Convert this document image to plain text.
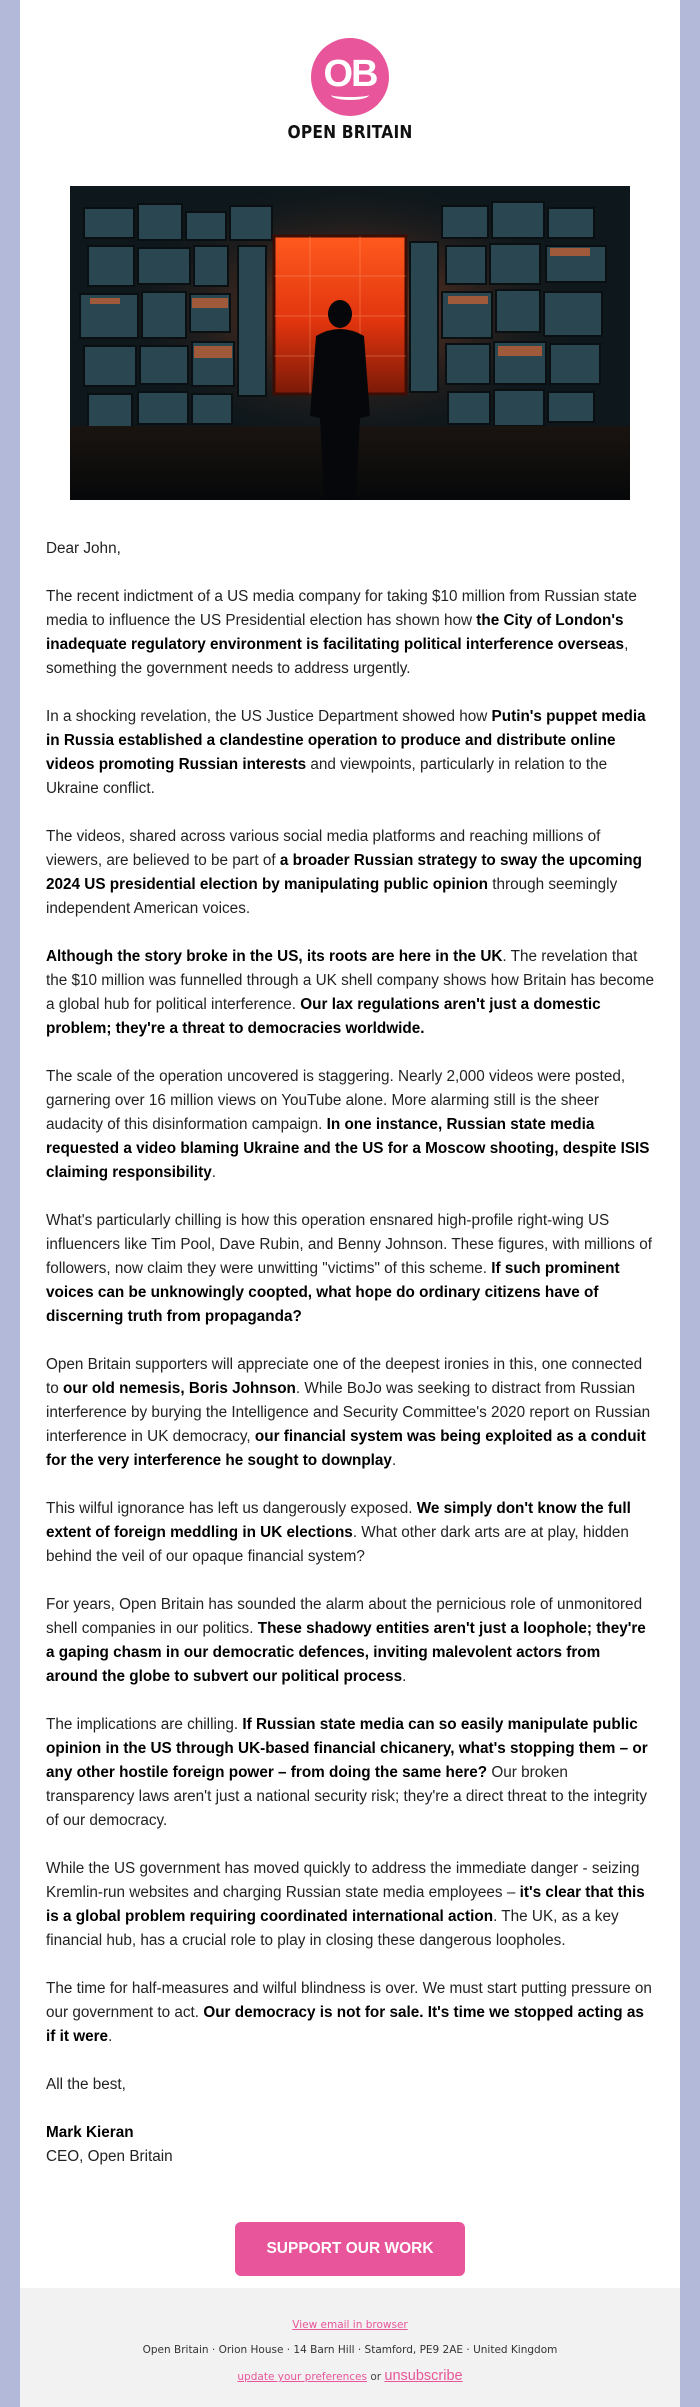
OB
OPEN BRITAIN

Dear John,

The recent indictment of a US media company for taking $10 million from Russian state media to influence the US Presidential election has shown how the City of London's inadequate regulatory environment is facilitating political interference overseas, something the government needs to address urgently.

In a shocking revelation, the US Justice Department showed how Putin's puppet media in Russia established a clandestine operation to produce and distribute online videos promoting Russian interests and viewpoints, particularly in relation to the Ukraine conflict.

The videos, shared across various social media platforms and reaching millions of viewers, are believed to be part of a broader Russian strategy to sway the upcoming 2024 US presidential election by manipulating public opinion through seemingly independent American voices.

Although the story broke in the US, its roots are here in the UK. The revelation that the $10 million was funnelled through a UK shell company shows how Britain has become a global hub for political interference. Our lax regulations aren't just a domestic problem; they're a threat to democracies worldwide.

The scale of the operation uncovered is staggering. Nearly 2,000 videos were posted, garnering over 16 million views on YouTube alone. More alarming still is the sheer audacity of this disinformation campaign. In one instance, Russian state media requested a video blaming Ukraine and the US for a Moscow shooting, despite ISIS claiming responsibility.

What's particularly chilling is how this operation ensnared high-profile right-wing US influencers like Tim Pool, Dave Rubin, and Benny Johnson. These figures, with millions of followers, now claim they were unwitting "victims" of this scheme. If such prominent voices can be unknowingly coopted, what hope do ordinary citizens have of discerning truth from propaganda?

Open Britain supporters will appreciate one of the deepest ironies in this, one connected to our old nemesis, Boris Johnson. While BoJo was seeking to distract from Russian interference by burying the Intelligence and Security Committee's 2020 report on Russian interference in UK democracy, our financial system was being exploited as a conduit for the very interference he sought to downplay.

This wilful ignorance has left us dangerously exposed. We simply don't know the full extent of foreign meddling in UK elections. What other dark arts are at play, hidden behind the veil of our opaque financial system?

For years, Open Britain has sounded the alarm about the pernicious role of unmonitored shell companies in our politics. These shadowy entities aren't just a loophole; they're a gaping chasm in our democratic defences, inviting malevolent actors from around the globe to subvert our political process.

The implications are chilling. If Russian state media can so easily manipulate public opinion in the US through UK-based financial chicanery, what's stopping them – or any other hostile foreign power – from doing the same here? Our broken transparency laws aren't just a national security risk; they're a direct threat to the integrity of our democracy.

While the US government has moved quickly to address the immediate danger - seizing Kremlin-run websites and charging Russian state media employees – it's clear that this is a global problem requiring coordinated international action. The UK, as a key financial hub, has a crucial role to play in closing these dangerous loopholes.

The time for half-measures and wilful blindness is over. We must start putting pressure on our government to act. Our democracy is not for sale. It's time we stopped acting as if it were.

All the best,

Mark Kieran
CEO, Open Britain

SUPPORT OUR WORK
View email in browser
Open Britain · Orion House · 14 Barn Hill · Stamford, PE9 2AE · United Kingdom
update your preferences or unsubscribe
